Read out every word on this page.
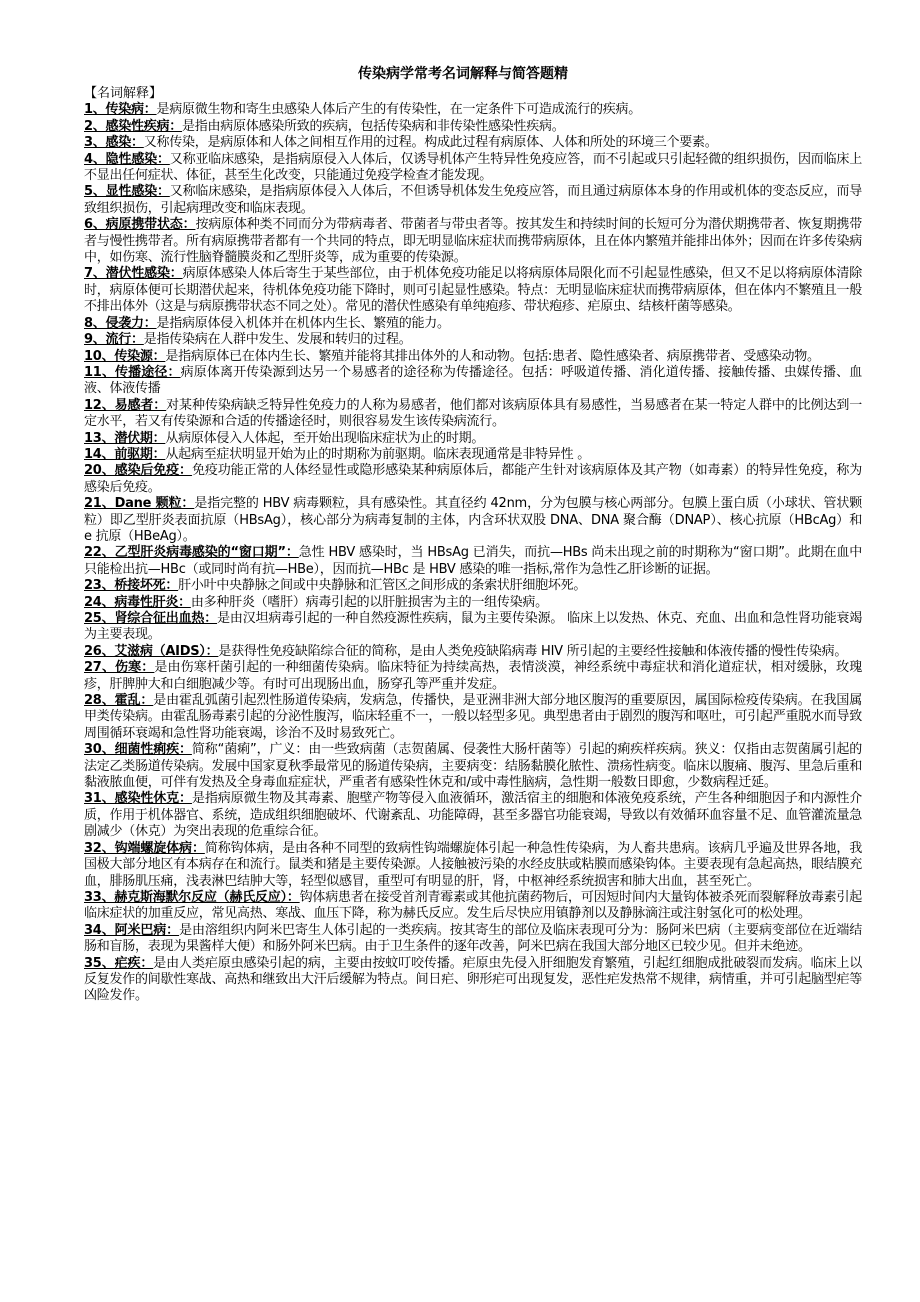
传染病学常考名词解释与简答题精
【名词解释】

1、传染病：是病原微生物和寄生虫感染人体后产生的有传染性，在一定条件下可造成流行的疾病。

2、感染性疾病：是指由病原体感染所致的疾病，包括传染病和非传染性感染性疾病。

3、感染：又称传染，是病原体和人体之间相互作用的过程。构成此过程有病原体、人体和所处的环境三个要素。

4、隐性感染：又称亚临床感染，是指病原侵入人体后，仅诱导机体产生特异性免疫应答，而不引起或只引起轻微的组织损伤，因而临床上不显出任何症状、体征，甚至生化改变，只能通过免疫学检查才能发现。

5、显性感染：又称临床感染，是指病原体侵入人体后，不但诱导机体发生免疫应答，而且通过病原体本身的作用或机体的变态反应，而导致组织损伤，引起病理改变和临床表现。

6、病原携带状态：按病原体种类不同而分为带病毒者、带菌者与带虫者等。按其发生和持续时间的长短可分为潜伏期携带者、恢复期携带者与慢性携带者。所有病原携带者都有一个共同的特点，即无明显临床症状而携带病原体，且在体内繁殖并能排出体外；因而在许多传染病中，如伤寒、流行性脑脊髓膜炎和乙型肝炎等，成为重要的传染源。

7、潜伏性感染：病原体感染人体后寄生于某些部位，由于机体免疫功能足以将病原体局限化而不引起显性感染，但又不足以将病原体清除时，病原体便可长期潜伏起来，待机体免疫功能下降时，则可引起显性感染。特点：无明显临床症状而携带病原体，但在体内不繁殖且一般不排出体外（这是与病原携带状态不同之处）。常见的潜伏性感染有单纯疱疹、带状疱疹、疟原虫、结核杆菌等感染。

8、侵袭力：是指病原体侵入机体并在机体内生长、繁殖的能力。

9、流行：是指传染病在人群中发生、发展和转归的过程。

10、传染源：是指病原体已在体内生长、繁殖并能将其排出体外的人和动物。包括:患者、隐性感染者、病原携带者、受感染动物。

11、传播途径：病原体离开传染源到达另一个易感者的途径称为传播途径。包括：呼吸道传播、消化道传播、接触传播、虫媒传播、血液、体液传播

12、易感者：对某种传染病缺乏特异性免疫力的人称为易感者，他们都对该病原体具有易感性，当易感者在某一特定人群中的比例达到一定水平，若又有传染源和合适的传播途径时，则很容易发生该传染病流行。

13、潜伏期：从病原体侵入人体起，至开始出现临床症状为止的时期。

14、前驱期：从起病至症状明显开始为止的时期称为前驱期。临床表现通常是非特异性 。

20、感染后免疫：免疫功能正常的人体经显性或隐形感染某种病原体后，都能产生针对该病原体及其产物（如毒素）的特异性免疫，称为感染后免疫。

21、Dane 颗粒：是指完整的 HBV 病毒颗粒，具有感染性。其直径约 42nm，分为包膜与核心两部分。包膜上蛋白质（小球状、管状颗粒）即乙型肝炎表面抗原（HBsAg），核心部分为病毒复制的主体，内含环状双股 DNA、DNA 聚合酶（DNAP）、核心抗原（HBcAg）和 e 抗原（HBeAg）。

22、乙型肝炎病毒感染的“窗口期”：急性 HBV 感染时，当 HBsAg 已消失，而抗—HBs 尚未出现之前的时期称为“窗口期”。此期在血中只能检出抗—HBc（或同时尚有抗—HBe），因而抗—HBc 是 HBV 感染的唯一指标,常作为急性乙肝诊断的证据。

23、桥接坏死：肝小叶中央静脉之间或中央静脉和汇管区之间形成的条索状肝细胞坏死。

24、病毒性肝炎：由多种肝炎（嗜肝）病毒引起的以肝脏损害为主的一组传染病。

25、肾综合征出血热：是由汉坦病毒引起的一种自然疫源性疾病，鼠为主要传染源。 临床上以发热、休克、充血、出血和急性肾功能衰竭为主要表现。

26、艾滋病（AIDS）：是获得性免疫缺陷综合征的简称，是由人类免疫缺陷病毒 HIV 所引起的主要经性接触和体液传播的慢性传染病。

27、伤寒：是由伤寒杆菌引起的一种细菌传染病。临床特征为持续高热，表情淡漠，神经系统中毒症状和消化道症状，相对缓脉，玫瑰疹，肝脾肿大和白细胞减少等。有时可出现肠出血，肠穿孔等严重并发症。

28、霍乱：是由霍乱弧菌引起烈性肠道传染病，发病急，传播快，是亚洲非洲大部分地区腹泻的重要原因，属国际检疫传染病。在我国属甲类传染病。由霍乱肠毒素引起的分泌性腹泻，临床轻重不一，一般以轻型多见。典型患者由于剧烈的腹泻和呕吐，可引起严重脱水而导致周围循环衰竭和急性肾功能衰竭，诊治不及时易致死亡。

30、细菌性痢疾：简称“菌痢”，广义：由一些致病菌（志贺菌属、侵袭性大肠杆菌等）引起的痢疾样疾病。狭义：仅指由志贺菌属引起的法定乙类肠道传染病。发展中国家夏秋季最常见的肠道传染病，主要病变：结肠黏膜化脓性、溃疡性病变。临床以腹痛、腹泻、里急后重和黏液脓血便，可伴有发热及全身毒血症症状，严重者有感染性休克和/或中毒性脑病，急性期一般数日即愈，少数病程迁延。

31、感染性休克：是指病原微生物及其毒素、胞壁产物等侵入血液循环，激活宿主的细胞和体液免疫系统，产生各种细胞因子和内源性介质，作用于机体器官、系统，造成组织细胞破坏、代谢紊乱、功能障碍，甚至多器官功能衰竭，导致以有效循环血容量不足、血管灌流量急剧减少（休克）为突出表现的危重综合征。

32、钩端螺旋体病：简称钩体病，是由各种不同型的致病性钩端螺旋体引起一种急性传染病，为人畜共患病。该病几乎遍及世界各地，我国极大部分地区有本病存在和流行。鼠类和猪是主要传染源。人接触被污染的水经皮肤或粘膜而感染钩体。主要表现有急起高热，眼结膜充血，腓肠肌压痛，浅表淋巴结肿大等，轻型似感冒，重型可有明显的肝，肾，中枢神经系统损害和肺大出血，甚至死亡。

33、赫克斯海默尔反应（赫氏反应）：钩体病患者在接受首剂青霉素或其他抗菌药物后，可因短时间内大量钩体被杀死而裂解释放毒素引起临床症状的加重反应，常见高热、寒战、血压下降，称为赫氏反应。发生后尽快应用镇静剂以及静脉滴注或注射氢化可的松处理。

34、阿米巴病：是由溶组织内阿米巴寄生人体引起的一类疾病。按其寄生的部位及临床表现可分为：肠阿米巴病（主要病变部位在近端结肠和盲肠，表现为果酱样大便）和肠外阿米巴病。由于卫生条件的逐年改善，阿米巴病在我国大部分地区已较少见。但并未绝迹。

35、疟疾：是由人类疟原虫感染引起的病，主要由按蚊叮咬传播。疟原虫先侵入肝细胞发育繁殖，引起红细胞成批破裂而发病。临床上以反复发作的间歇性寒战、高热和继致出大汗后缓解为特点。间日疟、卵形疟可出现复发，恶性疟发热常不规律，病情重，并可引起脑型疟等凶险发作。
